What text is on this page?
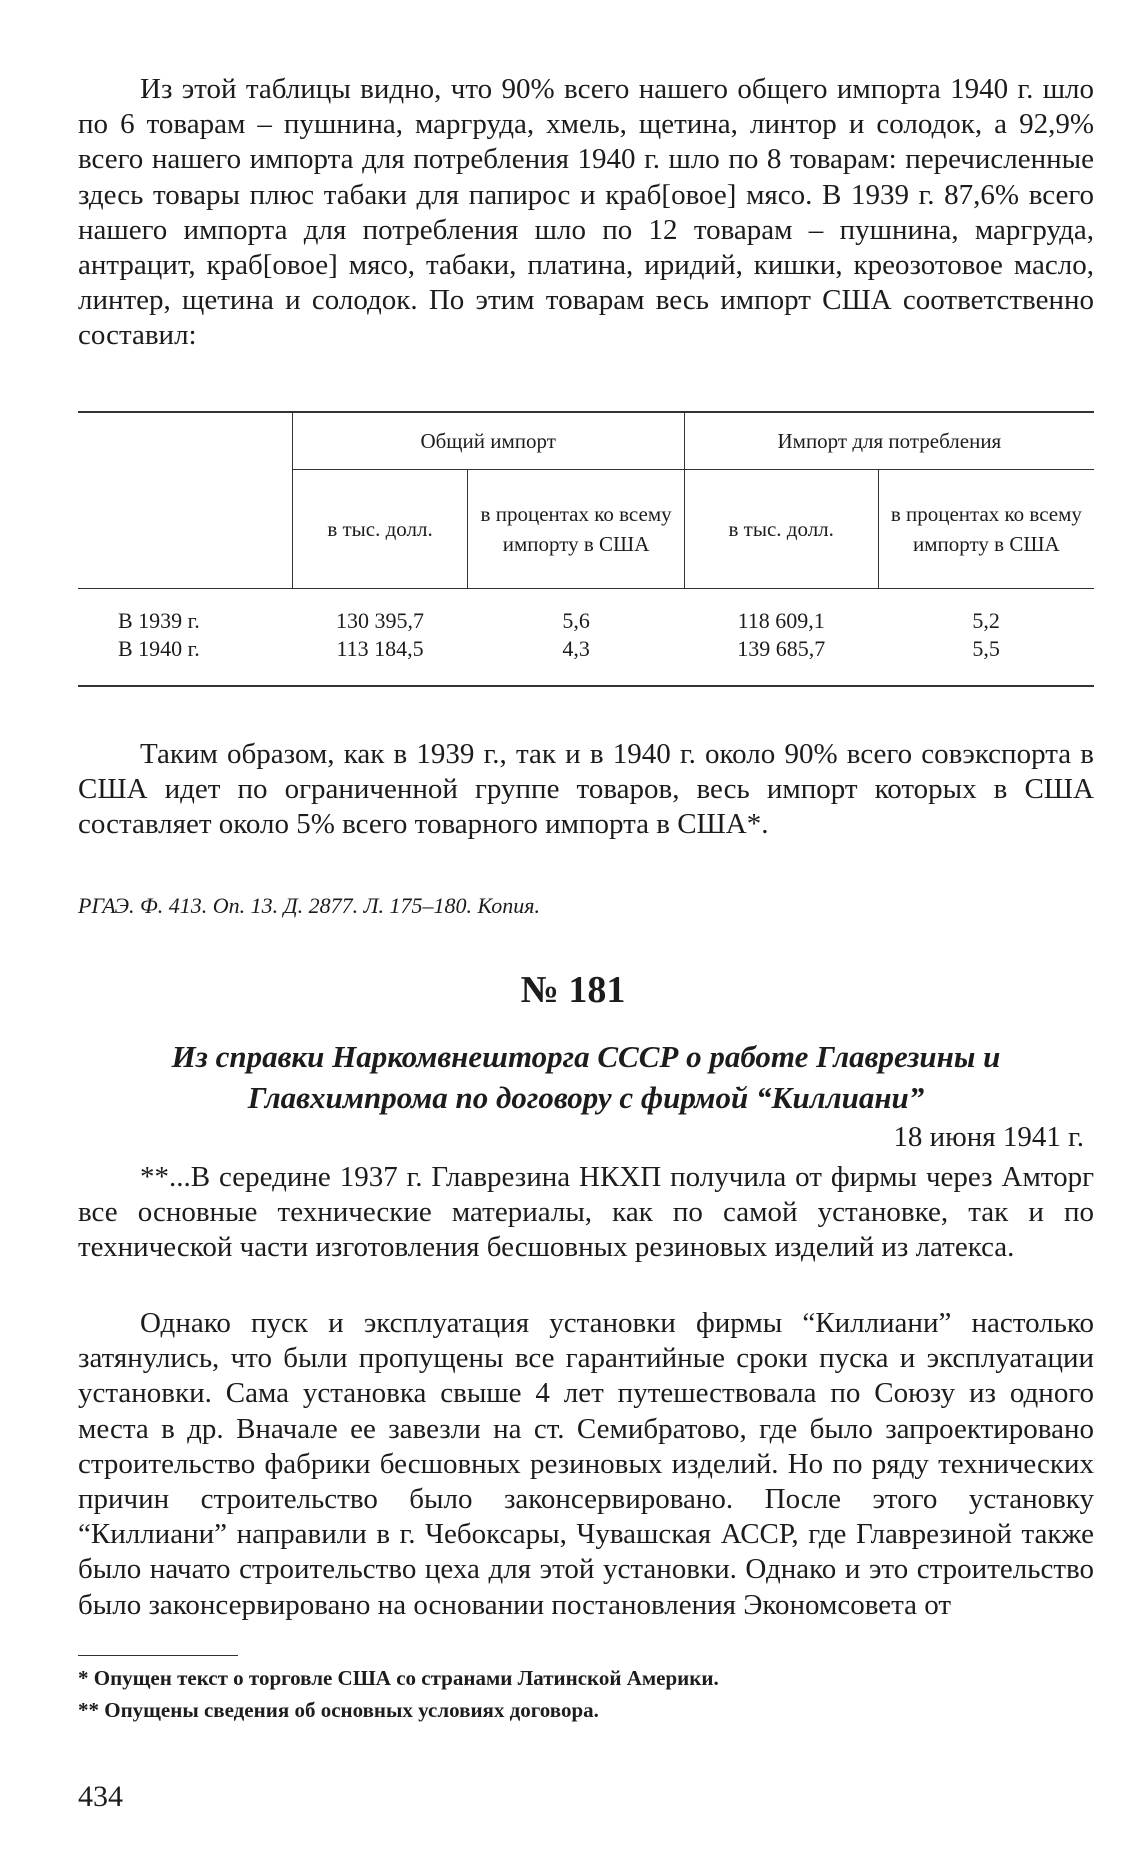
Из этой таблицы видно, что 90% всего нашего общего импорта 1940 г. шло по 6 товарам – пушнина, маргруда, хмель, щетина, линтор и солодок, а 92,9% всего нашего импорта для потребления 1940 г. шло по 8 товарам: перечисленные здесь товары плюс табаки для папирос и краб[овое] мясо. В 1939 г. 87,6% всего нашего импорта для потребления шло по 12 товарам – пушнина, маргруда, антрацит, краб[овое] мясо, табаки, платина, иридий, кишки, креозотовое масло, линтер, щетина и солодок. По этим товарам весь импорт США соответственно составил:

	Общий импорт		Импорт для потребления	
	в тыс. долл.	в процентах ко всему импорту в США	в тыс. долл.	в процентах ко всему импорту в США
В 1939 г.	130 395,7	5,6	118 609,1	5,2
В 1940 г.	113 184,5	4,3	139 685,7	5,5

Таким образом, как в 1939 г., так и в 1940 г. около 90% всего совэкспорта в США идет по ограниченной группе товаров, весь импорт которых в США составляет около 5% всего товарного импорта в США*.

РГАЭ. Ф. 413. Оп. 13. Д. 2877. Л. 175–180. Копия.

№ 181

Из справки Наркомвнешторга СССР о работе Главрезины и Главхимпрома по договору с фирмой “Киллиани”

18 июня 1941 г.

**...В середине 1937 г. Главрезина НКХП получила от фирмы через Амторг все основные технические материалы, как по самой установке, так и по технической части изготовления бесшовных резиновых изделий из латекса.

Однако пуск и эксплуатация установки фирмы “Киллиани” настолько затянулись, что были пропущены все гарантийные сроки пуска и эксплуатации установки. Сама установка свыше 4 лет путешествовала по Союзу из одного места в др. Вначале ее завезли на ст. Семибратово, где было запроектировано строительство фабрики бесшовных резиновых изделий. Но по ряду технических причин строительство было законсервировано. После этого установку “Киллиани” направили в г. Чебоксары, Чувашская АССР, где Главрезиной также было начато строительство цеха для этой установки. Однако и это строительство было законсервировано на основании постановления Экономсовета от

* Опущен текст о торговле США со странами Латинской Америки.

** Опущены сведения об основных условиях договора.

434
